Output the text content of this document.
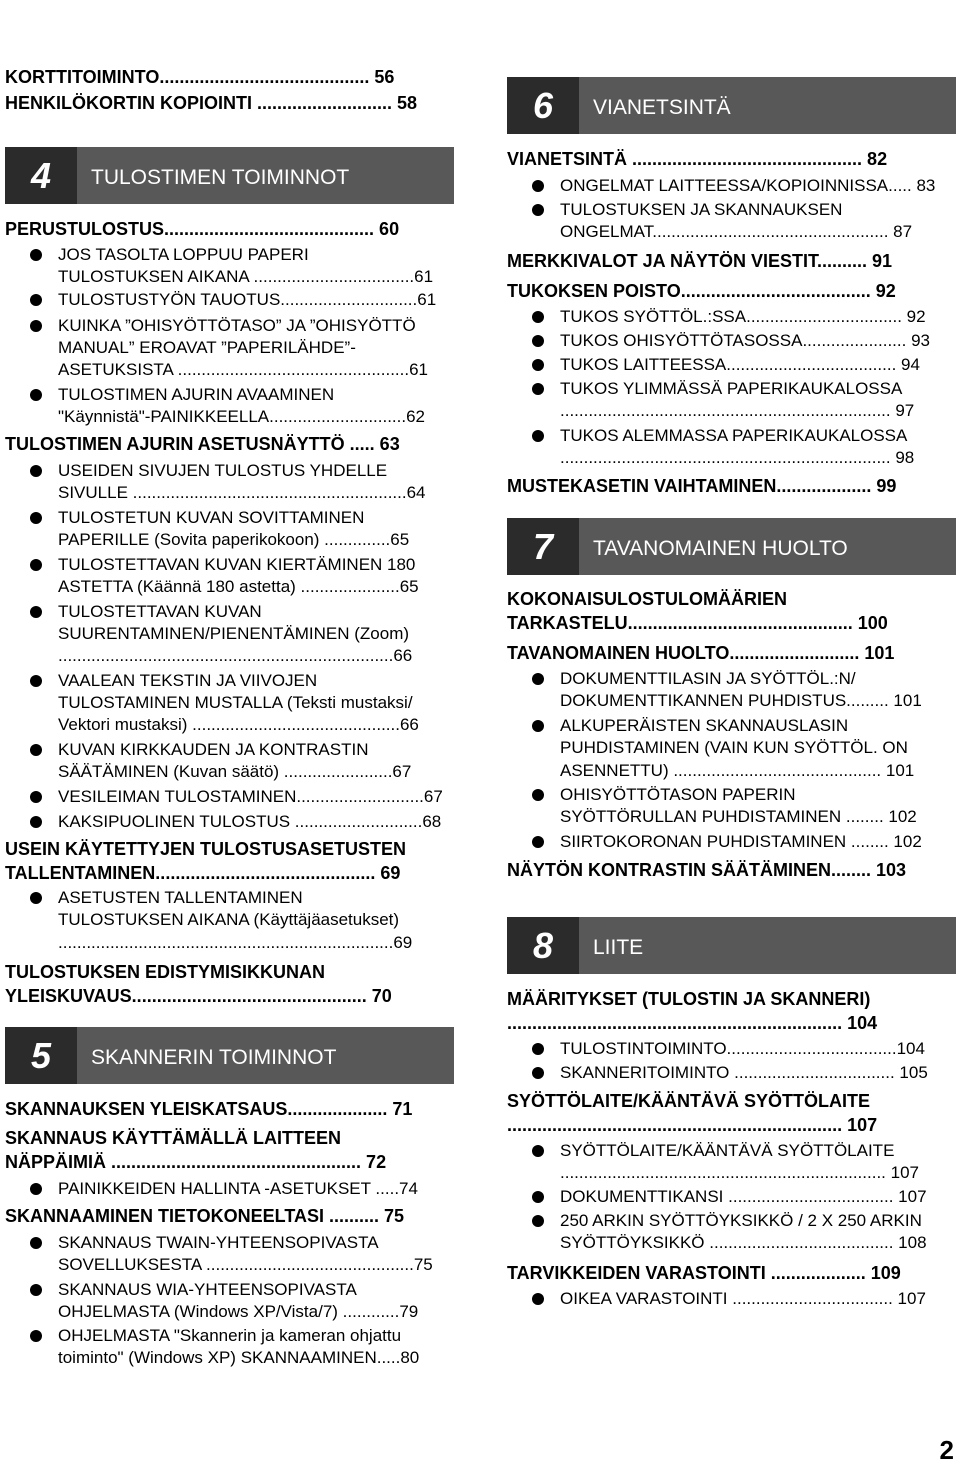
KORTTITOIMINTO.......................................... 56
HENKILÖKORTIN KOPIOINTI ........................... 58
4	TULOSTIMEN TOIMINNOT
PERUSTULOSTUS.......................................... 60
JOS TASOLTA LOPPUU PAPERI
TULOSTUKSEN AIKANA ..................................61
TULOSTUSTYÖN TAUOTUS.............................61
KUINKA ”OHISYÖTTÖTASO” JA ”OHISYÖTTÖ
MANUAL” EROAVAT ”PAPERILÄHDE”-
ASETUKSISTA .................................................61
TULOSTIMEN AJURIN AVAAMINEN
"Käynnistä"-PAINIKKEELLA.............................62
TULOSTIMEN AJURIN ASETUSNÄYTTÖ ..... 63
USEIDEN SIVUJEN TULOSTUS YHDELLE
SIVULLE ..........................................................64
TULOSTETUN KUVAN SOVITTAMINEN
PAPERILLE (Sovita paperikokoon) ..............65
TULOSTETTAVAN KUVAN KIERTÄMINEN 180
ASTETTA (Käännä 180 astetta) .....................65
TULOSTETTAVAN KUVAN
SUURENTAMINEN/PIENENTÄMINEN (Zoom)
.......................................................................66
VAALEAN TEKSTIN JA VIIVOJEN
TULOSTAMINEN MUSTALLA (Teksti mustaksi/
Vektori mustaksi) ............................................66
KUVAN KIRKKAUDEN JA KONTRASTIN
SÄÄTÄMINEN (Kuvan säätö) .......................67
VESILEIMAN TULOSTAMINEN...........................67
KAKSIPUOLINEN TULOSTUS ...........................68
USEIN KÄYTETTYJEN TULOSTUSASETUSTEN
TALLENTAMINEN............................................ 69
ASETUSTEN TALLENTAMINEN
TULOSTUKSEN AIKANA (Käyttäjäasetukset)
.......................................................................69
TULOSTUKSEN EDISTYMISIKKUNAN
YLEISKUVAUS............................................... 70
5	SKANNERIN TOIMINNOT
SKANNAUKSEN YLEISKATSAUS.................... 71
SKANNAUS KÄYTTÄMÄLLÄ LAITTEEN
NÄPPÄIMIÄ .................................................. 72
PAINIKKEIDEN HALLINTA -ASETUKSET .....74
SKANNAAMINEN TIETOKONEELTASI .......... 75
SKANNAUS TWAIN-YHTEENSOPIVASTA
SOVELLUKSESTA ............................................75
SKANNAUS WIA-YHTEENSOPIVASTA
OHJELMASTA (Windows XP/Vista/7) ............79
OHJELMASTA "Skannerin ja kameran ohjattu
toiminto" (Windows XP) SKANNAAMINEN.....80
6	VIANETSINTÄ
VIANETSINTÄ .............................................. 82
ONGELMAT LAITTEESSA/KOPIOINNISSA..... 83
TULOSTUKSEN JA SKANNAUKSEN
ONGELMAT.................................................. 87
MERKKIVALOT JA NÄYTÖN VIESTIT.......... 91
TUKOKSEN POISTO...................................... 92
TUKOS SYÖTTÖL.:SSA................................. 92
TUKOS OHISYÖTTÖTASOSSA...................... 93
TUKOS LAITTEESSA.................................... 94
TUKOS YLIMMÄSSÄ PAPERIKAUKALOSSA
...................................................................... 97
TUKOS ALEMMASSA PAPERIKAUKALOSSA
...................................................................... 98
MUSTEKASETIN VAIHTAMINEN................... 99
7	TAVANOMAINEN HUOLTO
KOKONAISULOSTULOMÄÄRIEN
TARKASTELU............................................. 100
TAVANOMAINEN HUOLTO.......................... 101
DOKUMENTTILASIN JA SYÖTTÖL.:N/
DOKUMENTTIKANNEN PUHDISTUS......... 101
ALKUPERÄISTEN SKANNAUSLASIN
PUHDISTAMINEN (VAIN KUN SYÖTTÖL. ON
ASENNETTU) ............................................ 101
OHISYÖTTÖTASON PAPERIN
SYÖTTÖRULLAN PUHDISTAMINEN ........ 102
SIIRTOKORONAN PUHDISTAMINEN ........ 102
NÄYTÖN KONTRASTIN SÄÄTÄMINEN........ 103
8	LIITE
MÄÄRITYKSET (TULOSTIN JA SKANNERI)
................................................................... 104
TULOSTINTOIMINTO....................................104
SKANNERITOIMINTO .................................. 105
SYÖTTÖLAITE/KÄÄNTÄVÄ SYÖTTÖLAITE
................................................................... 107
SYÖTTÖLAITE/KÄÄNTÄVÄ SYÖTTÖLAITE
..................................................................... 107
DOKUMENTTIKANSI ................................... 107
250 ARKIN SYÖTTÖYKSIKKÖ / 2 X 250 ARKIN
SYÖTTÖYKSIKKÖ ....................................... 108
TARVIKKEIDEN VARASTOINTI ................... 109
OIKEA VARASTOINTI .................................. 107
2
